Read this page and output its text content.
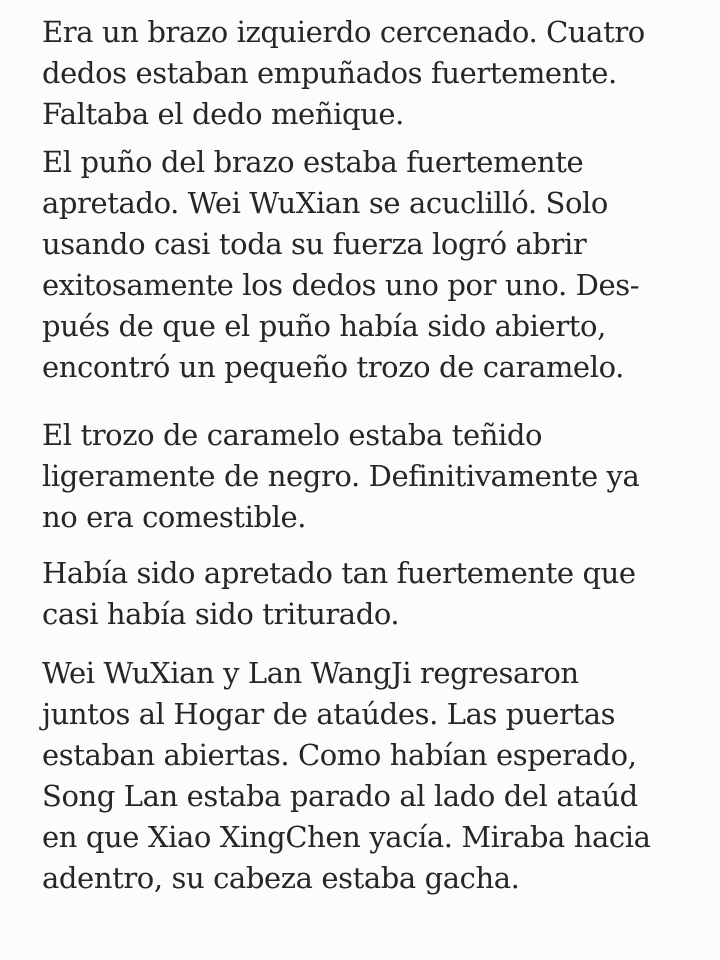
Era un brazo izquierdo cercenado. Cuatro dedos estaban empuñados fuertemente. Faltaba el dedo meñique.

El puño del brazo estaba fuertemente apretado. Wei WuXian se acuclilló. Solo usando casi toda su fuerza logró abrir exitosamente los dedos uno por uno. Después de que el puño había sido abierto, encontró un pequeño trozo de caramelo.

El trozo de caramelo estaba teñido ligeramente de negro. Definitivamente ya no era comestible.

Había sido apretado tan fuertemente que casi había sido triturado.

Wei WuXian y Lan WangJi regresaron juntos al Hogar de ataúdes. Las puertas estaban abiertas. Como habían esperado, Song Lan estaba parado al lado del ataúd en que Xiao XingChen yacía. Miraba hacia adentro, su cabeza estaba gacha.
